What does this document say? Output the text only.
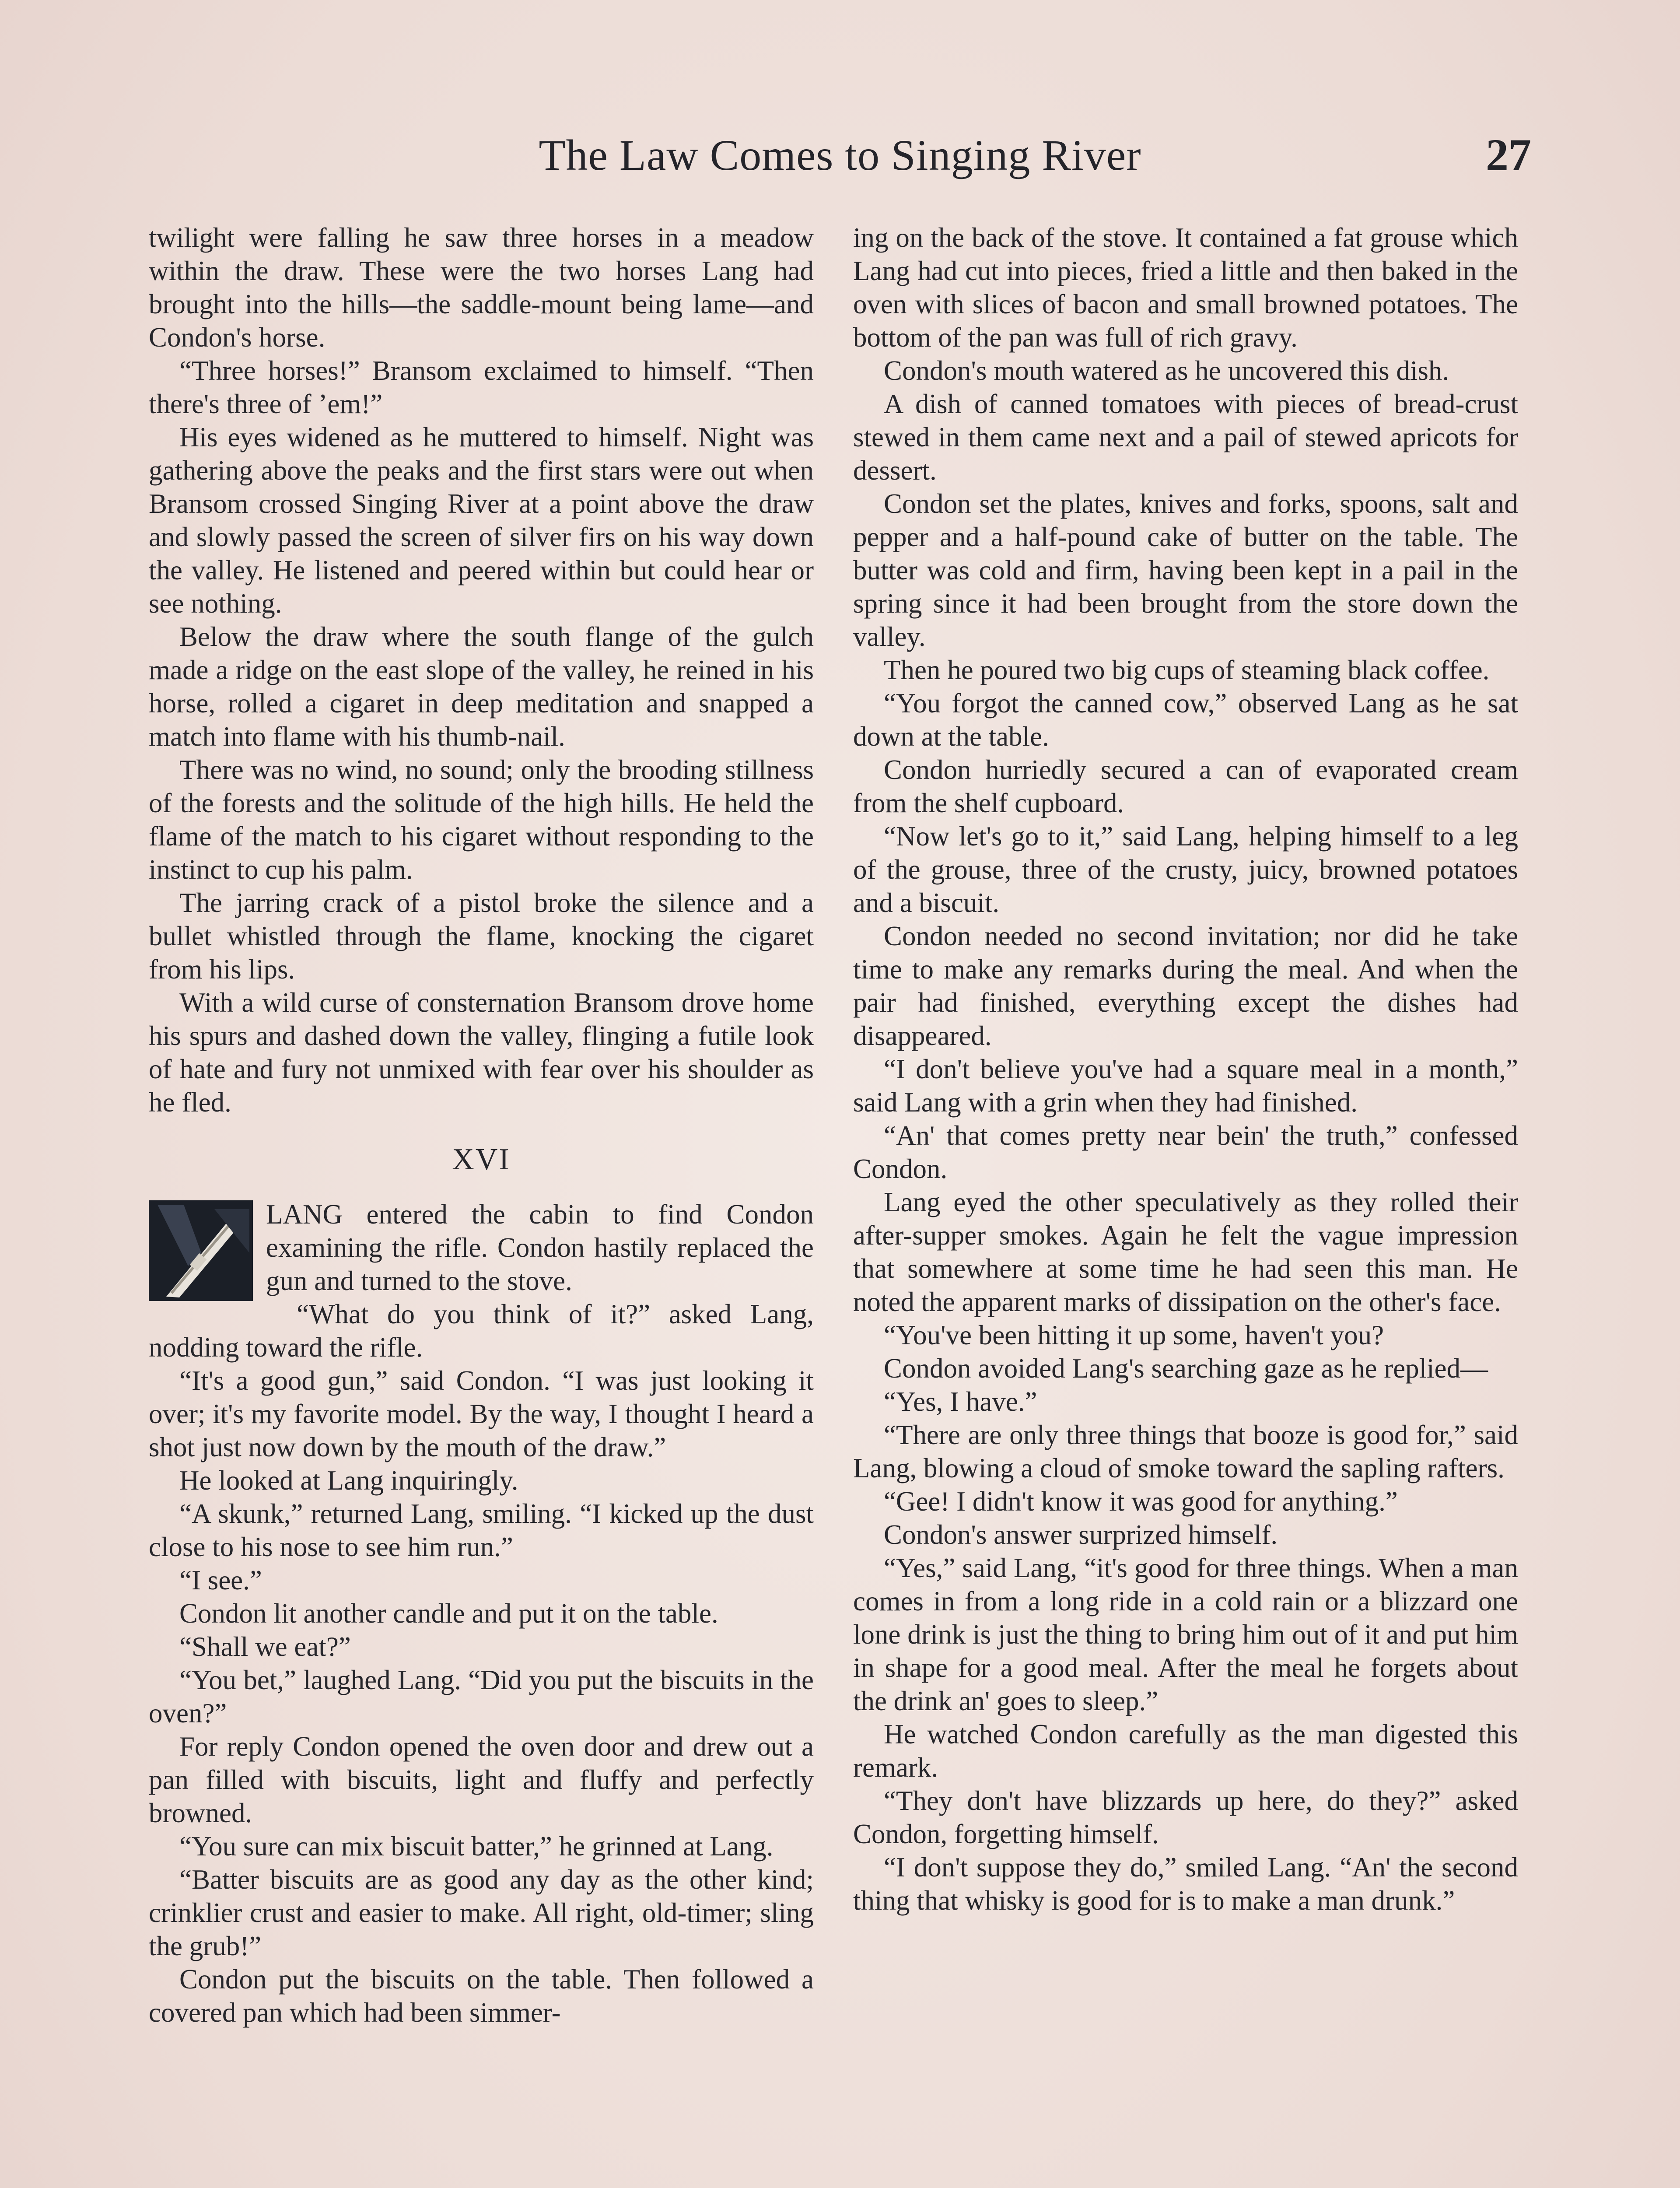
The Law Comes to Singing River	27

twilight were falling he saw three horses in a meadow within the draw. These were the two horses Lang had brought into the hills—the saddle-mount being lame—and Condon's horse.

“Three horses!” Bransom exclaimed to himself. “Then there's three of ’em!”

His eyes widened as he muttered to himself. Night was gathering above the peaks and the first stars were out when Bransom crossed Singing River at a point above the draw and slowly passed the screen of silver firs on his way down the valley. He listened and peered within but could hear or see nothing.

Below the draw where the south flange of the gulch made a ridge on the east slope of the valley, he reined in his horse, rolled a cigaret in deep meditation and snapped a match into flame with his thumb-nail.

There was no wind, no sound; only the brooding stillness of the forests and the solitude of the high hills. He held the flame of the match to his cigaret without responding to the instinct to cup his palm.

The jarring crack of a pistol broke the silence and a bullet whistled through the flame, knocking the cigaret from his lips.

With a wild curse of consternation Bransom drove home his spurs and dashed down the valley, flinging a futile look of hate and fury not unmixed with fear over his shoulder as he fled.

XVI

LANG entered the cabin to find Condon examining the rifle. Condon hastily replaced the gun and turned to the stove.

“What do you think of it?” asked Lang, nodding toward the rifle.

“It's a good gun,” said Condon. “I was just looking it over; it's my favorite model. By the way, I thought I heard a shot just now down by the mouth of the draw.”

He looked at Lang inquiringly.

“A skunk,” returned Lang, smiling. “I kicked up the dust close to his nose to see him run.”

“I see.”

Condon lit another candle and put it on the table.

“Shall we eat?”

“You bet,” laughed Lang. “Did you put the biscuits in the oven?”

For reply Condon opened the oven door and drew out a pan filled with biscuits, light and fluffy and perfectly browned.

“You sure can mix biscuit batter,” he grinned at Lang.

“Batter biscuits are as good any day as the other kind; crinklier crust and easier to make. All right, old-timer; sling the grub!”

Condon put the biscuits on the table. Then followed a covered pan which had been simmer-

ing on the back of the stove. It contained a fat grouse which Lang had cut into pieces, fried a little and then baked in the oven with slices of bacon and small browned potatoes. The bottom of the pan was full of rich gravy.

Condon's mouth watered as he uncovered this dish.

A dish of canned tomatoes with pieces of bread-crust stewed in them came next and a pail of stewed apricots for dessert.

Condon set the plates, knives and forks, spoons, salt and pepper and a half-pound cake of butter on the table. The butter was cold and firm, having been kept in a pail in the spring since it had been brought from the store down the valley.

Then he poured two big cups of steaming black coffee.

“You forgot the canned cow,” observed Lang as he sat down at the table.

Condon hurriedly secured a can of evaporated cream from the shelf cupboard.

“Now let's go to it,” said Lang, helping himself to a leg of the grouse, three of the crusty, juicy, browned potatoes and a biscuit.

Condon needed no second invitation; nor did he take time to make any remarks during the meal. And when the pair had finished, everything except the dishes had disappeared.

“I don't believe you've had a square meal in a month,” said Lang with a grin when they had finished.

“An' that comes pretty near bein' the truth,” confessed Condon.

Lang eyed the other speculatively as they rolled their after-supper smokes. Again he felt the vague impression that somewhere at some time he had seen this man. He noted the apparent marks of dissipation on the other's face.

“You've been hitting it up some, haven't you?

Condon avoided Lang's searching gaze as he replied—

“Yes, I have.”

“There are only three things that booze is good for,” said Lang, blowing a cloud of smoke toward the sapling rafters.

“Gee! I didn't know it was good for anything.”

Condon's answer surprized himself.

“Yes,” said Lang, “it's good for three things. When a man comes in from a long ride in a cold rain or a blizzard one lone drink is just the thing to bring him out of it and put him in shape for a good meal. After the meal he forgets about the drink an' goes to sleep.”

He watched Condon carefully as the man digested this remark.

“They don't have blizzards up here, do they?” asked Condon, forgetting himself.

“I don't suppose they do,” smiled Lang. “An' the second thing that whisky is good for is to make a man drunk.”
